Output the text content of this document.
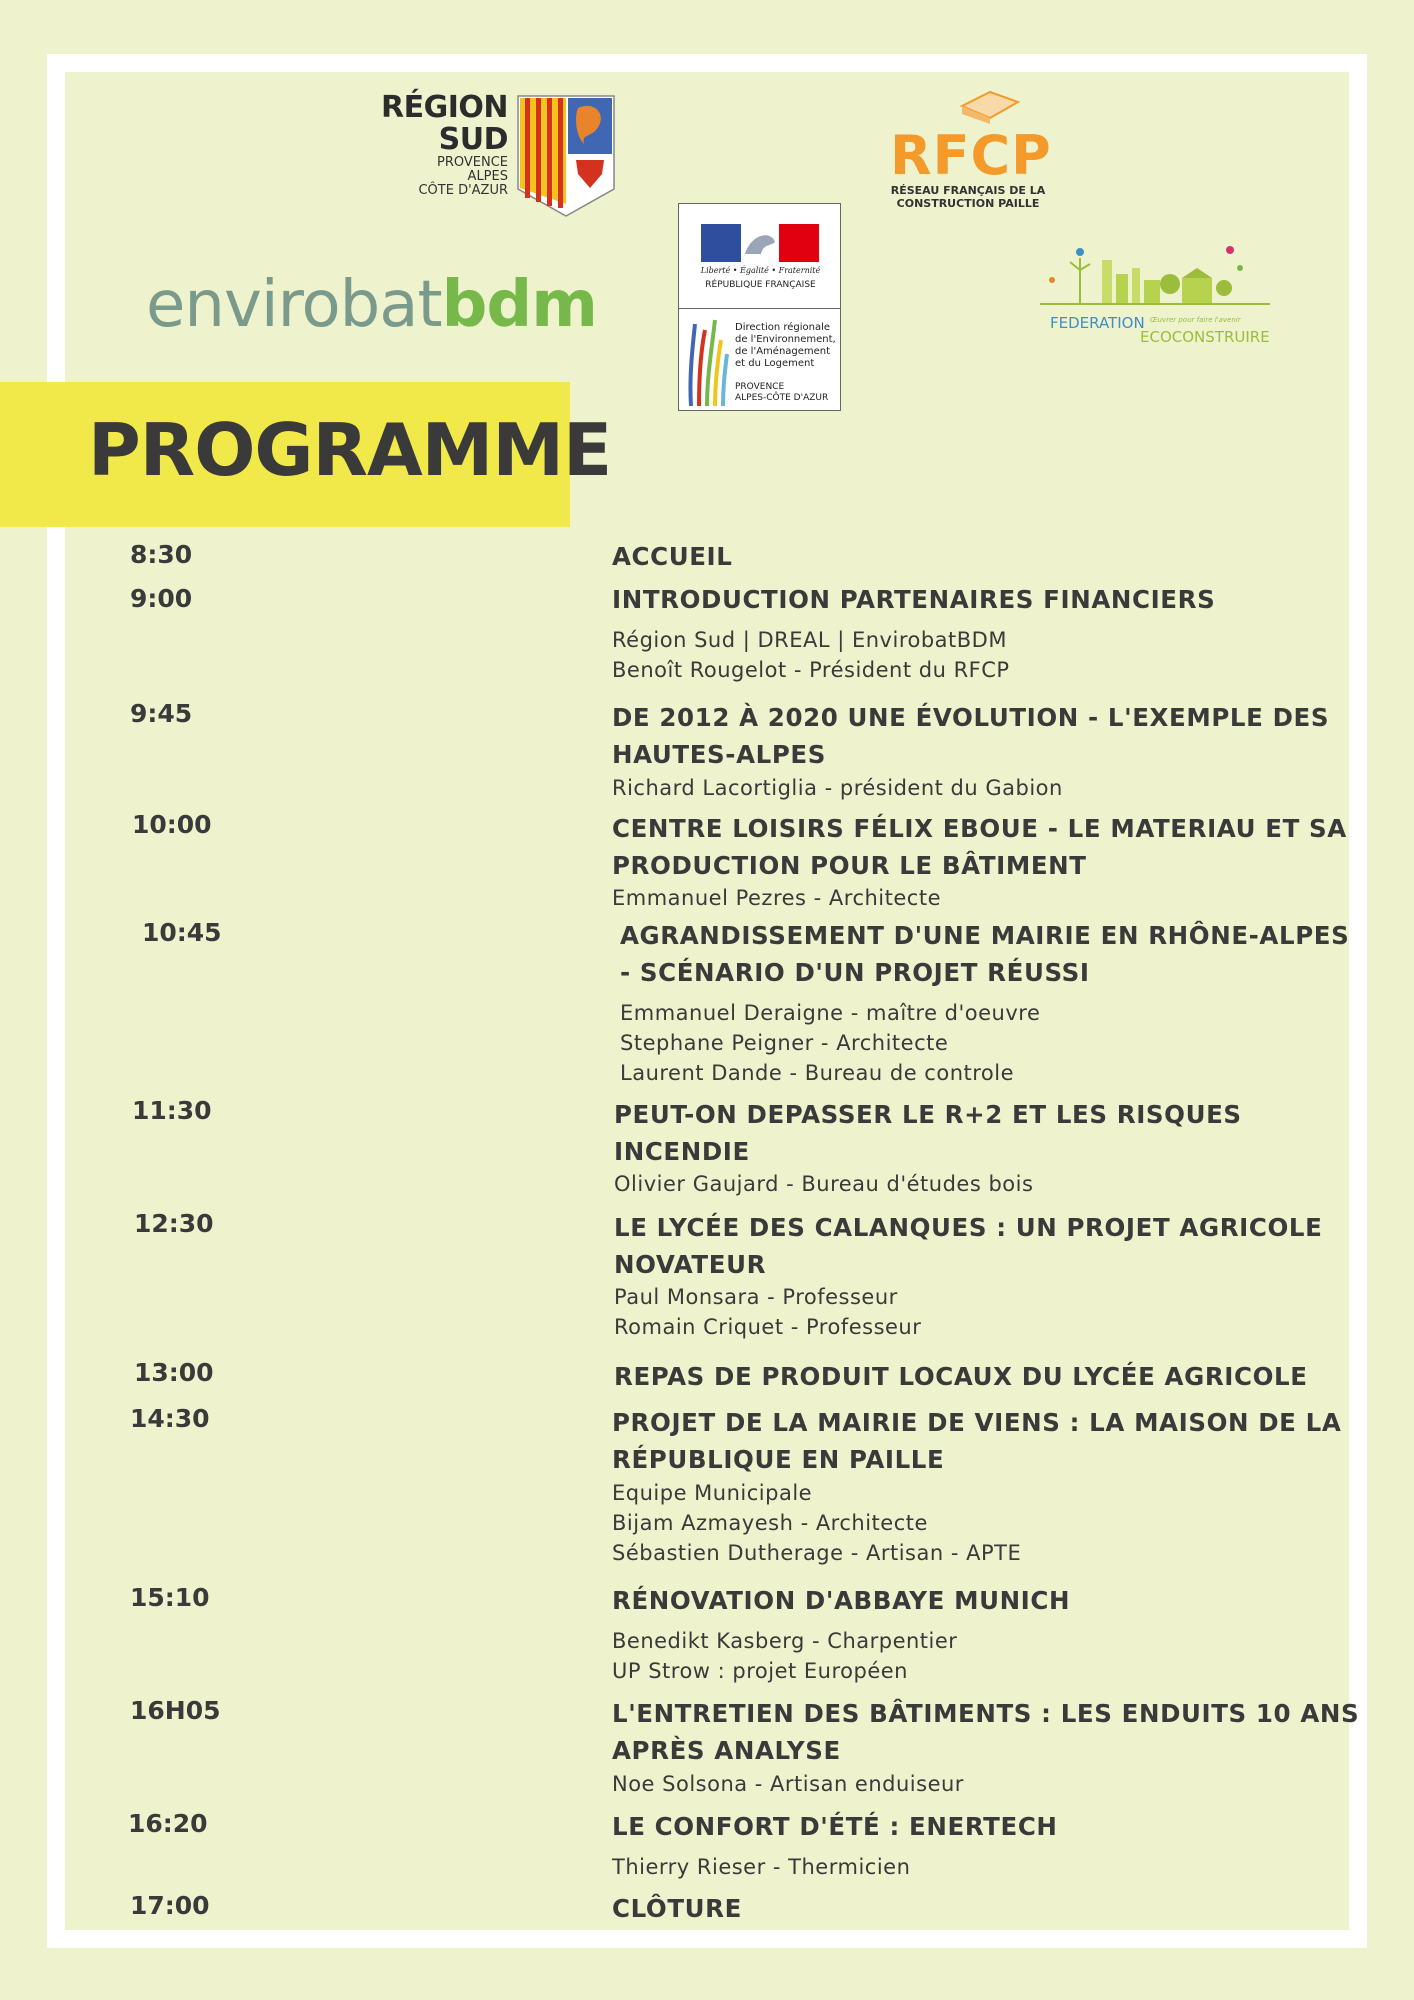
RÉGION
SUD
PROVENCE
ALPES
CÔTE D'AZUR
RFCP
RÉSEAU FRANÇAIS DE LA
CONSTRUCTION PAILLE
Liberté • Égalité • Fraternité
RÉPUBLIQUE FRANÇAISE
Direction régionale de l'Environnement, de l'Aménagement et du Logement
PROVENCE
ALPES-CÔTE D'AZUR
envirobatbdm	FEDERATION Œuvrer pour faire l'avenir
ECOCONSTRUIRE
PROGRAMME
8:30	ACCUEIL
9:00	INTRODUCTION PARTENAIRES FINANCIERS
Région Sud | DREAL | EnvirobatBDM
Benoît Rougelot - Président du RFCP
9:45	DE 2012 À 2020 UNE ÉVOLUTION - L'EXEMPLE DES
HAUTES-ALPES
Richard Lacortiglia - président du Gabion
10:00	CENTRE LOISIRS FÉLIX EBOUE - LE MATERIAU ET SA
PRODUCTION POUR LE BÂTIMENT
Emmanuel Pezres - Architecte
10:45	AGRANDISSEMENT D'UNE MAIRIE EN RHÔNE-ALPES
- SCÉNARIO D'UN PROJET RÉUSSI
Emmanuel Deraigne - maître d'oeuvre
Stephane Peigner - Architecte
Laurent Dande - Bureau de controle
11:30	PEUT-ON DEPASSER LE R+2 ET LES RISQUES
INCENDIE
Olivier Gaujard - Bureau d'études bois
12:30	LE LYCÉE DES CALANQUES : UN PROJET AGRICOLE
NOVATEUR
Paul Monsara - Professeur
Romain Criquet - Professeur
13:00	REPAS DE PRODUIT LOCAUX DU LYCÉE AGRICOLE
14:30	PROJET DE LA MAIRIE DE VIENS : LA MAISON DE LA
RÉPUBLIQUE EN PAILLE
Equipe Municipale
Bijam Azmayesh - Architecte
Sébastien Dutherage - Artisan - APTE
15:10	RÉNOVATION D'ABBAYE MUNICH
Benedikt Kasberg - Charpentier
UP Strow : projet Européen
16H05	L'ENTRETIEN DES BÂTIMENTS : LES ENDUITS 10 ANS
APRÈS ANALYSE
Noe Solsona - Artisan enduiseur
16:20	LE CONFORT D'ÉTÉ : ENERTECH
Thierry Rieser - Thermicien
17:00	CLÔTURE
